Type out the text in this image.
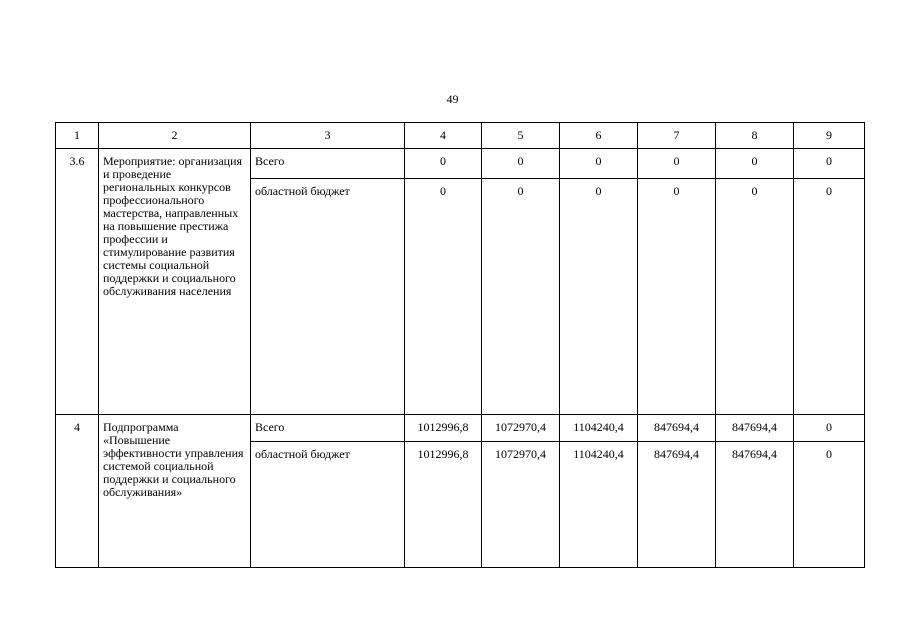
49
1	2	3	4	5	6	7	8	9
3.6	Мероприятие: организация и проведение региональных конкурсов профессионального мастерства, направленных на повышение престижа профессии и стимулирование развития системы социальной поддержки и социального обслуживания населения	Всего	0	0	0	0	0	0
		областной бюджет	0	0	0	0	0	0
4	Подпрограмма «Повышение эффективности управления системой социальной поддержки и социального обслуживания»	Всего	1012996,8	1072970,4	1104240,4	847694,4	847694,4	0
		областной бюджет	1012996,8	1072970,4	1104240,4	847694,4	847694,4	0
